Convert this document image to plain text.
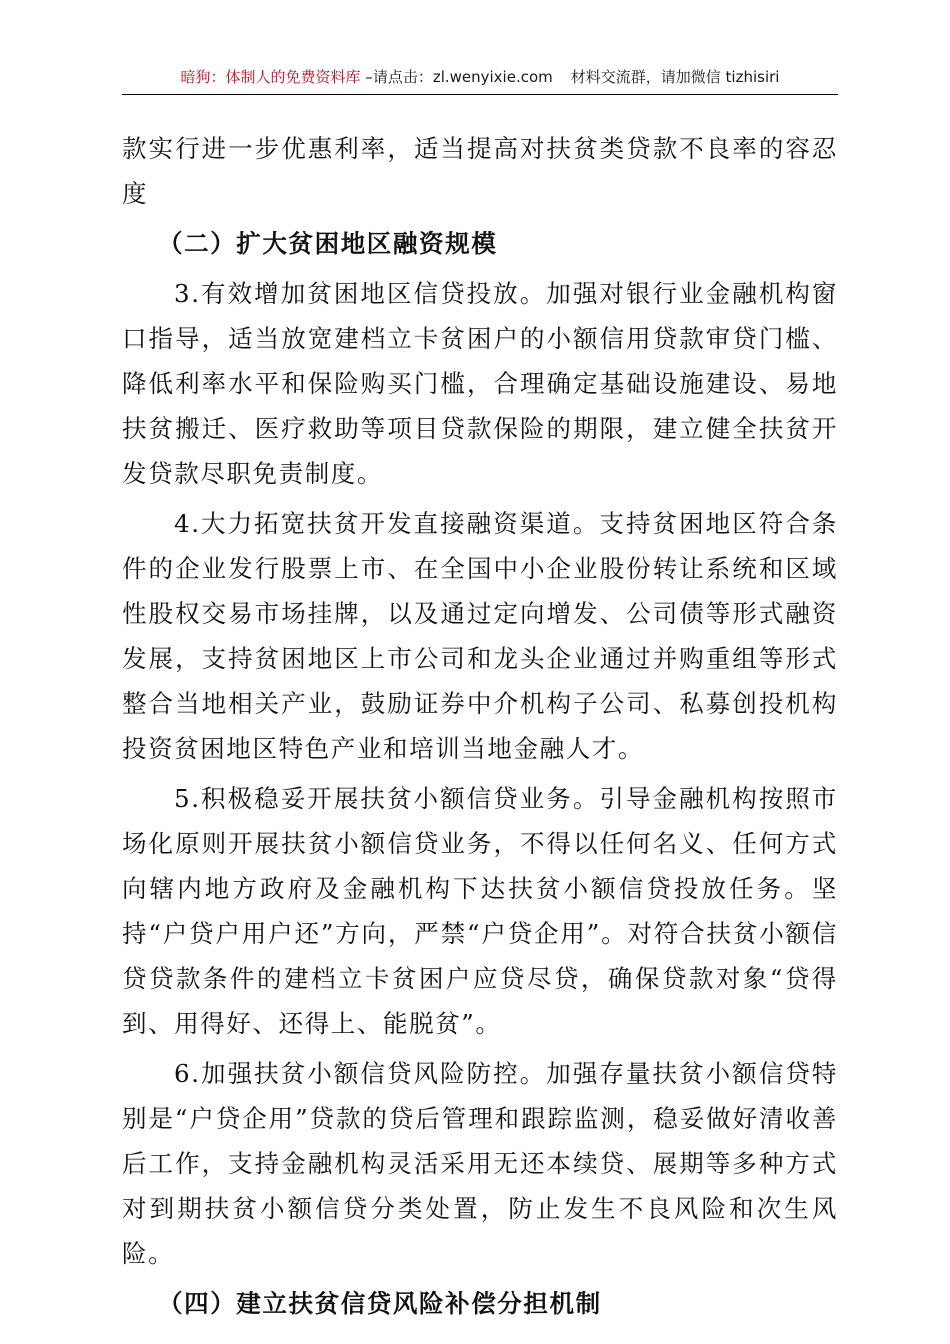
暗狗：体制人的免费资料库 –请点击：zl.wenyixie.com 材料交流群，请加微信 tizhisiri

款实行进一步优惠利率，适当提高对扶贫类贷款不良率的容忍度

（二）扩大贫困地区融资规模

3.有效增加贫困地区信贷投放。加强对银行业金融机构窗口指导，适当放宽建档立卡贫困户的小额信用贷款审贷门槛、降低利率水平和保险购买门槛，合理确定基础设施建设、易地扶贫搬迁、医疗救助等项目贷款保险的期限，建立健全扶贫开发贷款尽职免责制度。

4.大力拓宽扶贫开发直接融资渠道。支持贫困地区符合条件的企业发行股票上市、在全国中小企业股份转让系统和区域性股权交易市场挂牌，以及通过定向增发、公司债等形式融资发展，支持贫困地区上市公司和龙头企业通过并购重组等形式整合当地相关产业，鼓励证券中介机构子公司、私募创投机构投资贫困地区特色产业和培训当地金融人才。

5.积极稳妥开展扶贫小额信贷业务。引导金融机构按照市场化原则开展扶贫小额信贷业务，不得以任何名义、任何方式向辖内地方政府及金融机构下达扶贫小额信贷投放任务。坚持“户贷户用户还”方向，严禁“户贷企用”。对符合扶贫小额信贷贷款条件的建档立卡贫困户应贷尽贷，确保贷款对象“贷得到、用得好、还得上、能脱贫”。

6.加强扶贫小额信贷风险防控。加强存量扶贫小额信贷特别是“户贷企用”贷款的贷后管理和跟踪监测，稳妥做好清收善后工作，支持金融机构灵活采用无还本续贷、展期等多种方式对到期扶贫小额信贷分类处置，防止发生不良风险和次生风险。

（四）建立扶贫信贷风险补偿分担机制
